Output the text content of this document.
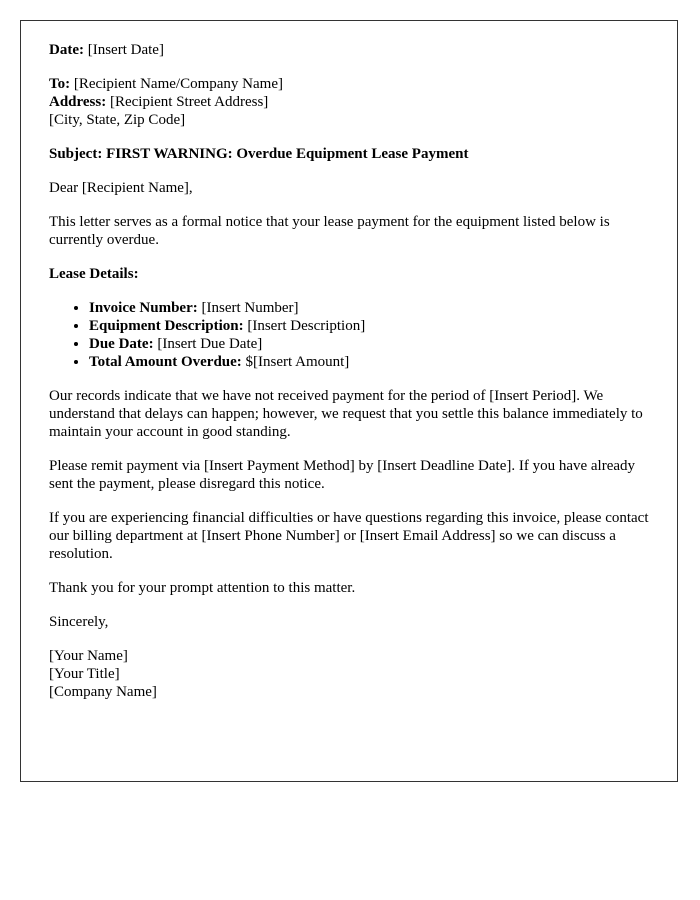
Date: [Insert Date]

To: [Recipient Name/Company Name]
Address: [Recipient Street Address]
[City, State, Zip Code]

Subject: FIRST WARNING: Overdue Equipment Lease Payment

Dear [Recipient Name],

This letter serves as a formal notice that your lease payment for the equipment listed below is currently overdue.

Lease Details:

• Invoice Number: [Insert Number]
• Equipment Description: [Insert Description]
• Due Date: [Insert Due Date]
• Total Amount Overdue: $[Insert Amount]

Our records indicate that we have not received payment for the period of [Insert Period]. We understand that delays can happen; however, we request that you settle this balance immediately to maintain your account in good standing.

Please remit payment via [Insert Payment Method] by [Insert Deadline Date]. If you have already sent the payment, please disregard this notice.

If you are experiencing financial difficulties or have questions regarding this invoice, please contact our billing department at [Insert Phone Number] or [Insert Email Address] so we can discuss a resolution.

Thank you for your prompt attention to this matter.

Sincerely,

[Your Name]
[Your Title]
[Company Name]
